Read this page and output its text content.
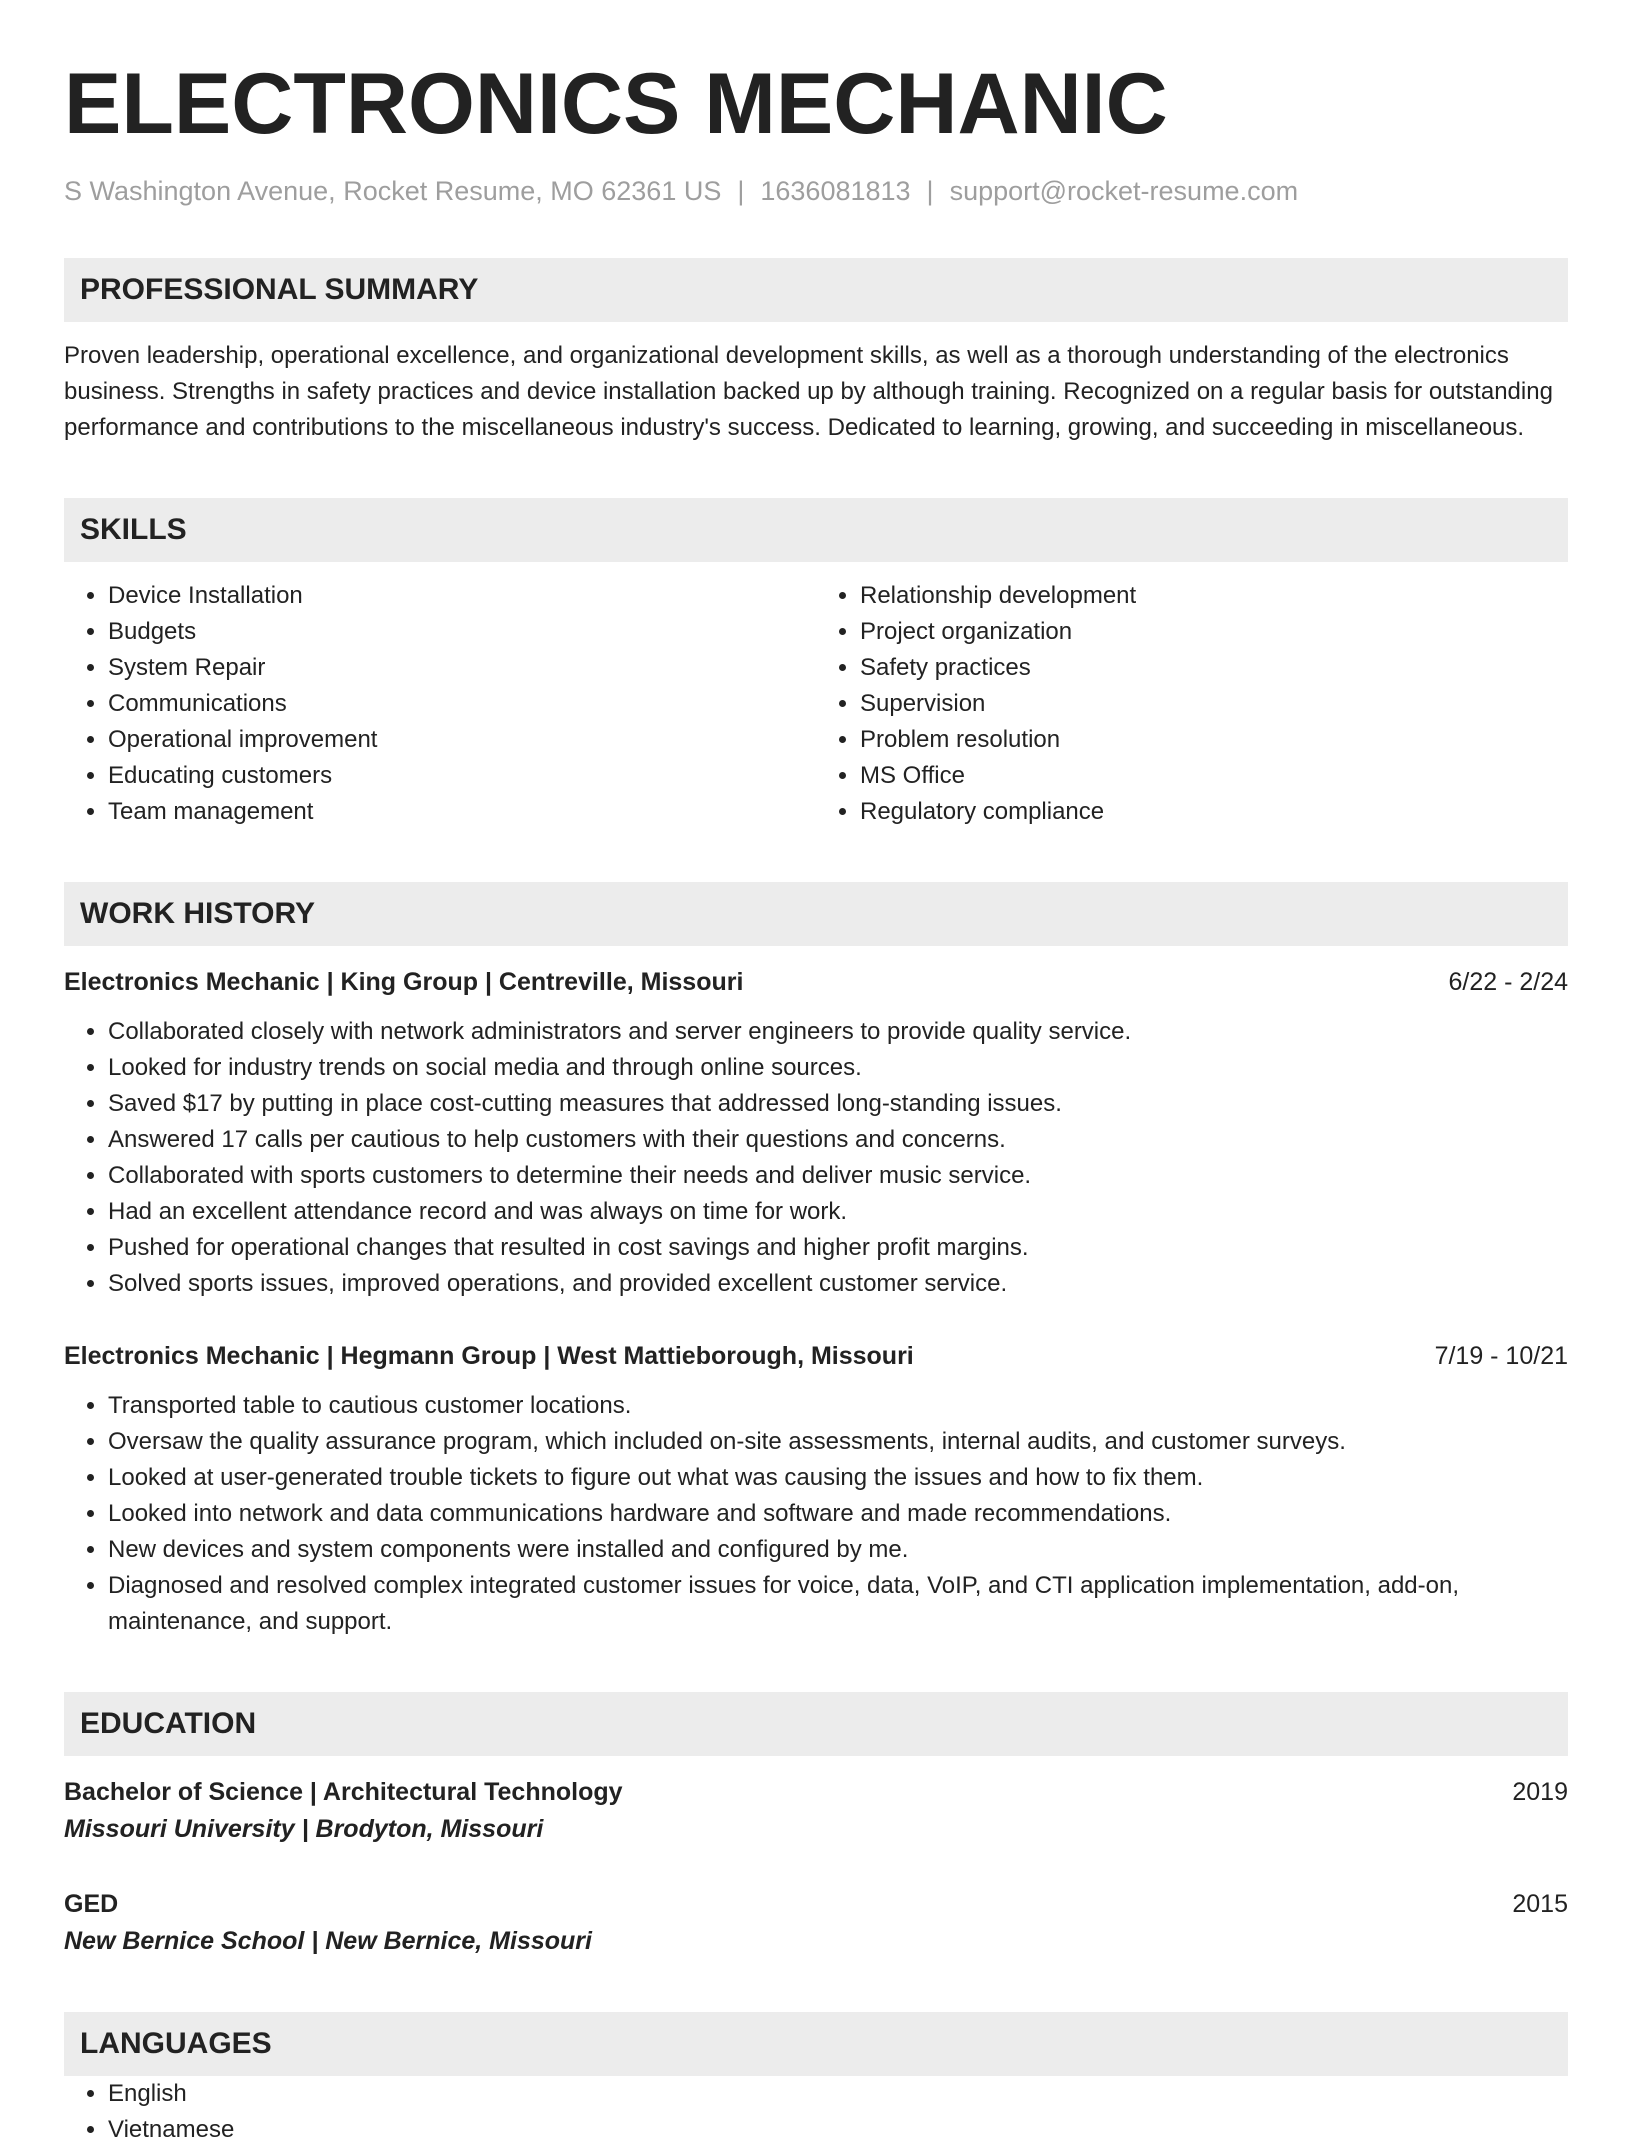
ELECTRONICS MECHANIC
S Washington Avenue, Rocket Resume, MO 62361 US | 1636081813 | support@rocket-resume.com
PROFESSIONAL SUMMARY
Proven leadership, operational excellence, and organizational development skills, as well as a thorough understanding of the electronics business. Strengths in safety practices and device installation backed up by although training. Recognized on a regular basis for outstanding performance and contributions to the miscellaneous industry's success. Dedicated to learning, growing, and succeeding in miscellaneous.
SKILLS
• Device Installation
• Budgets
• System Repair
• Communications
• Operational improvement
• Educating customers
• Team management
• Relationship development
• Project organization
• Safety practices
• Supervision
• Problem resolution
• MS Office
• Regulatory compliance
WORK HISTORY
Electronics Mechanic | King Group | Centreville, Missouri	6/22 - 2/24
• Collaborated closely with network administrators and server engineers to provide quality service.
• Looked for industry trends on social media and through online sources.
• Saved $17 by putting in place cost-cutting measures that addressed long-standing issues.
• Answered 17 calls per cautious to help customers with their questions and concerns.
• Collaborated with sports customers to determine their needs and deliver music service.
• Had an excellent attendance record and was always on time for work.
• Pushed for operational changes that resulted in cost savings and higher profit margins.
• Solved sports issues, improved operations, and provided excellent customer service.
Electronics Mechanic | Hegmann Group | West Mattieborough, Missouri	7/19 - 10/21
• Transported table to cautious customer locations.
• Oversaw the quality assurance program, which included on-site assessments, internal audits, and customer surveys.
• Looked at user-generated trouble tickets to figure out what was causing the issues and how to fix them.
• Looked into network and data communications hardware and software and made recommendations.
• New devices and system components were installed and configured by me.
• Diagnosed and resolved complex integrated customer issues for voice, data, VoIP, and CTI application implementation, add-on, maintenance, and support.
EDUCATION
Bachelor of Science | Architectural Technology	2019
Missouri University | Brodyton, Missouri
GED	2015
New Bernice School | New Bernice, Missouri
LANGUAGES
• English
• Vietnamese
